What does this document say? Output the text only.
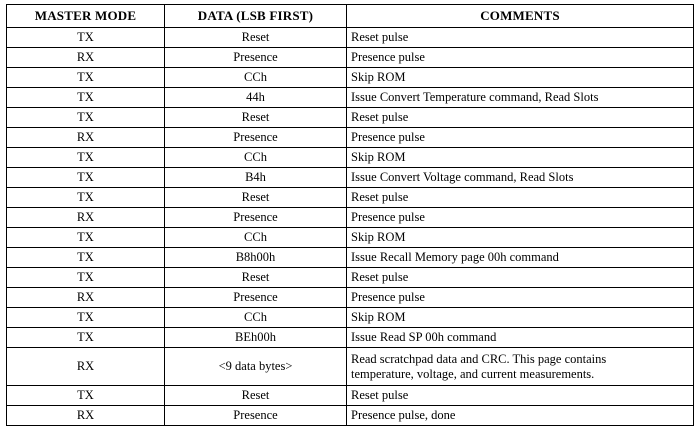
MASTER MODE	DATA (LSB FIRST)	COMMENTS
TX	Reset	Reset pulse
RX	Presence	Presence pulse
TX	CCh	Skip ROM
TX	44h	Issue Convert Temperature command, Read Slots
TX	Reset	Reset pulse
RX	Presence	Presence pulse
TX	CCh	Skip ROM
TX	B4h	Issue Convert Voltage command, Read Slots
TX	Reset	Reset pulse
RX	Presence	Presence pulse
TX	CCh	Skip ROM
TX	B8h00h	Issue Recall Memory page 00h command
TX	Reset	Reset pulse
RX	Presence	Presence pulse
TX	CCh	Skip ROM
TX	BEh00h	Issue Read SP 00h command
RX	<9 data bytes>	Read scratchpad data and CRC. This page contains
temperature, voltage, and current measurements.

TX	Reset	Reset pulse
RX	Presence	Presence pulse, done
